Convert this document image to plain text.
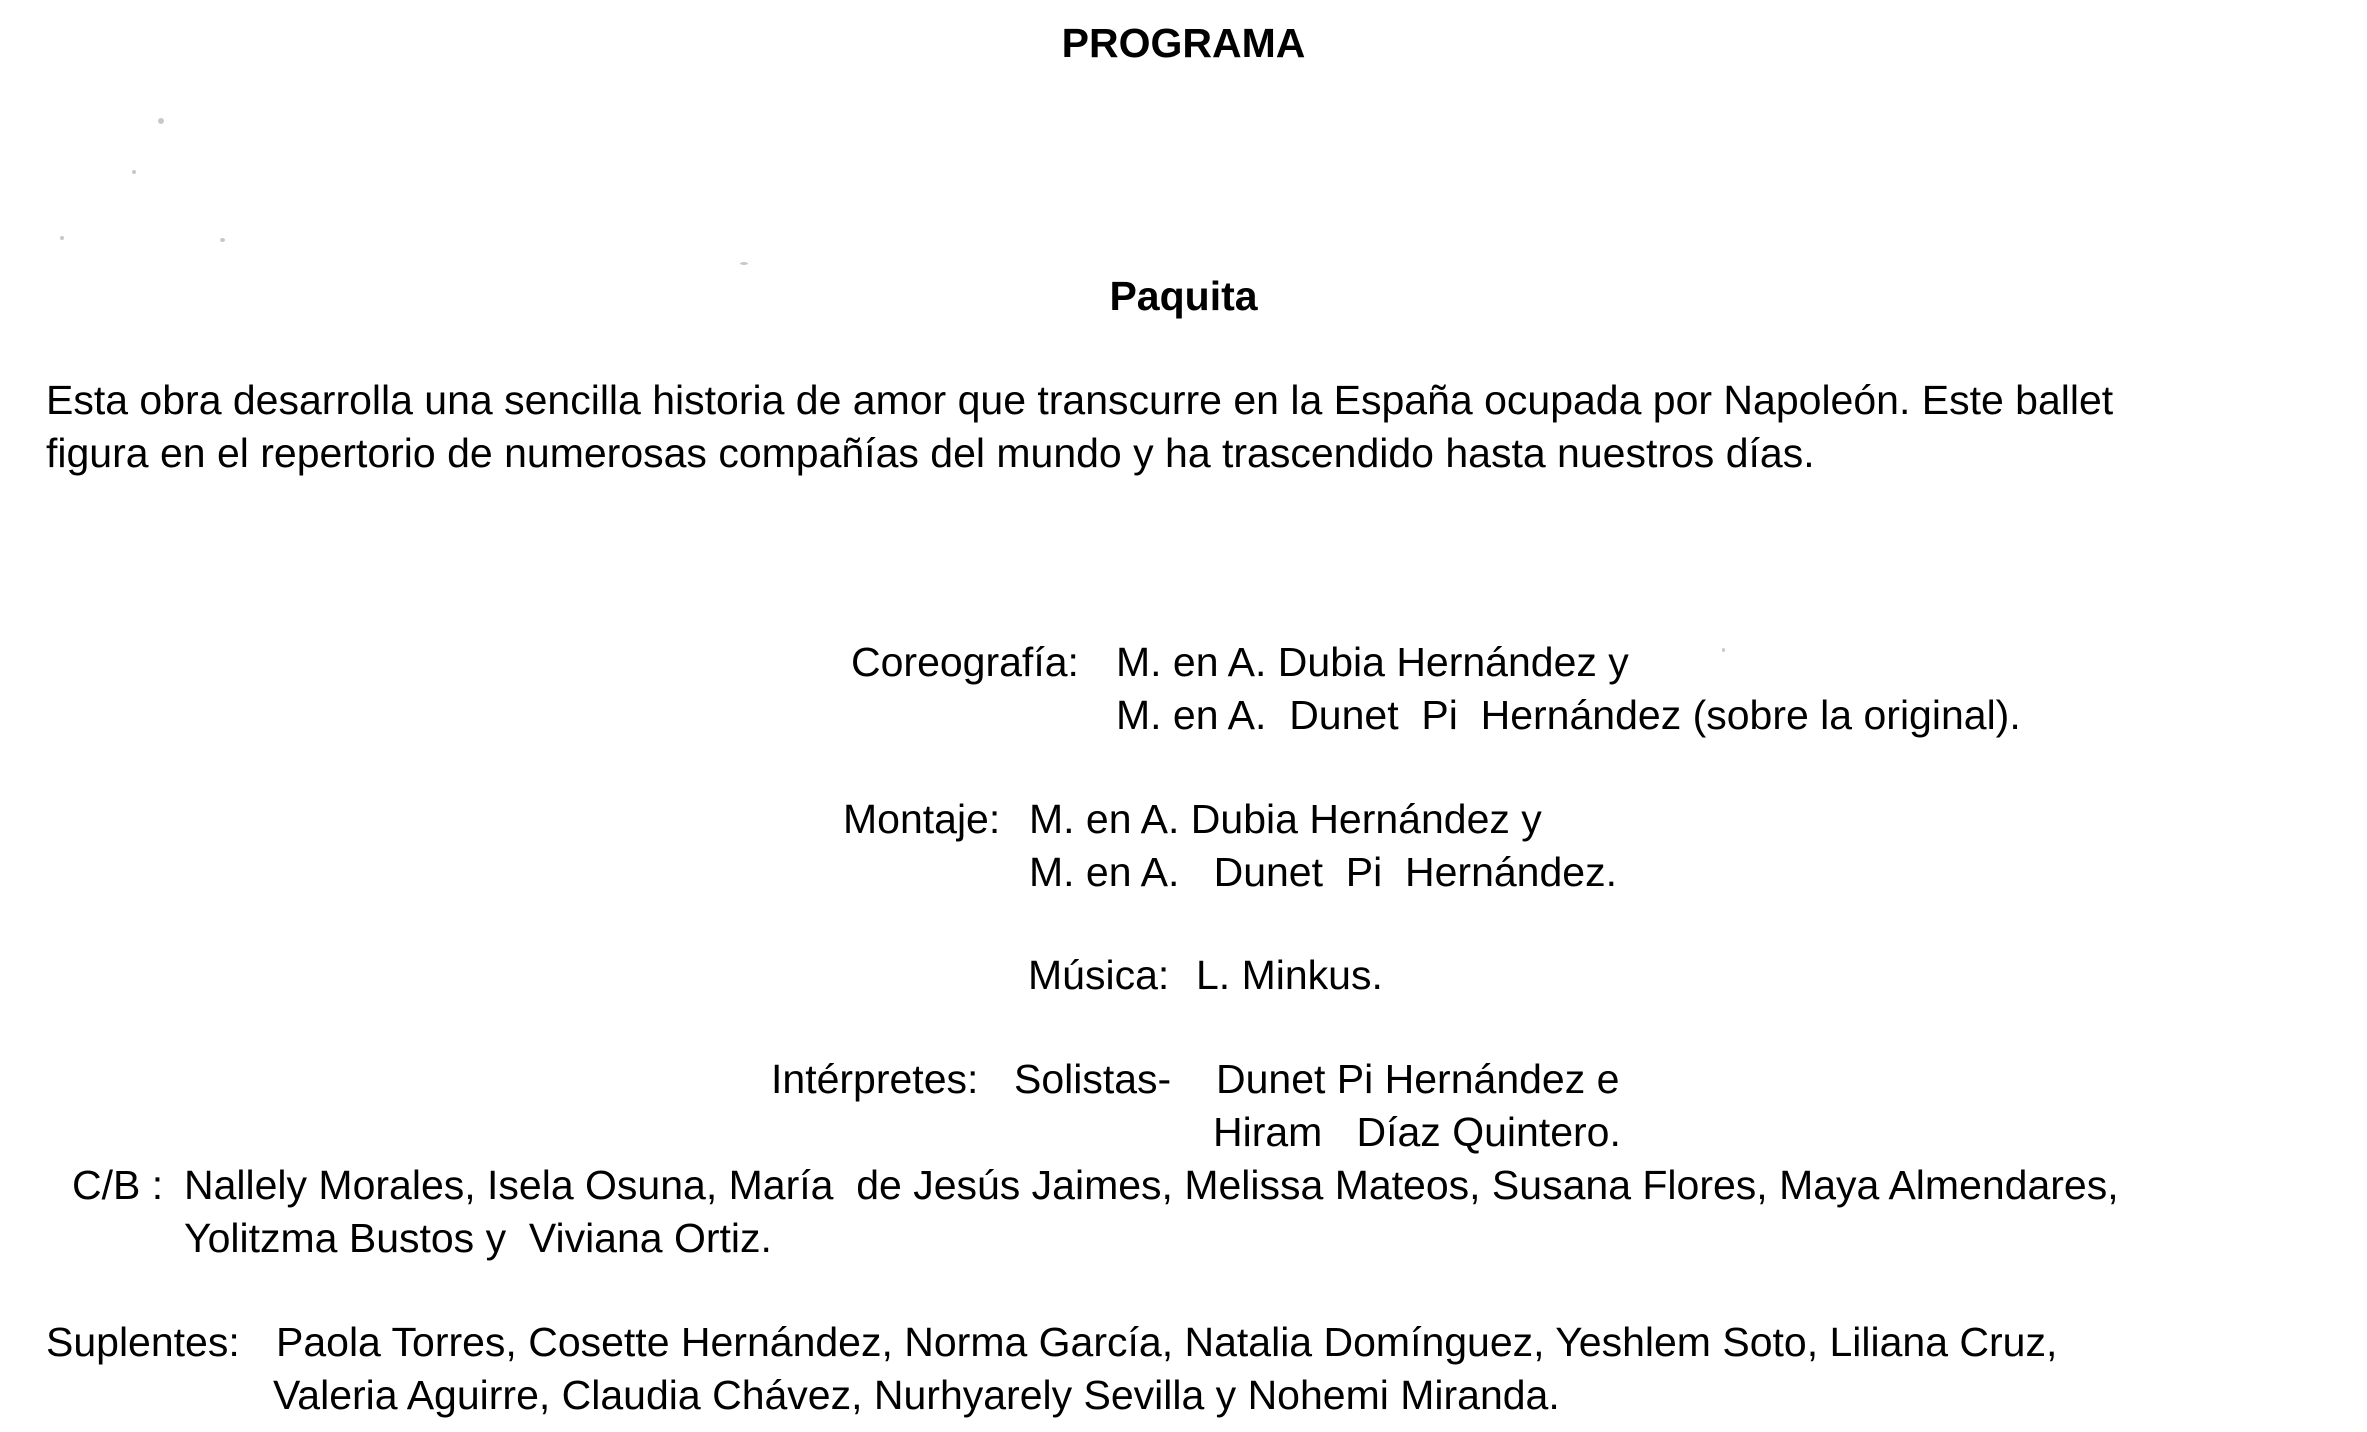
PROGRAMA
Paquita
Esta obra desarrolla una sencilla historia de amor que transcurre en la España ocupada por Napoleón. Este ballet
figura en el repertorio de numerosas compañías del mundo y ha trascendido hasta nuestros días.
Coreografía: M. en A. Dubia Hernández y
M. en A.  Dunet  Pi  Hernández (sobre la original).
Montaje: M. en A. Dubia Hernández y
M. en A.   Dunet  Pi  Hernández.
Música: L. Minkus.
Intérpretes: Solistas- Dunet Pi Hernández e
Hiram   Díaz Quintero.
C/B : Nallely Morales, Isela Osuna, María  de Jesús Jaimes, Melissa Mateos, Susana Flores, Maya Almendares,
Yolitzma Bustos y  Viviana Ortiz.
Suplentes: Paola Torres, Cosette Hernández, Norma García, Natalia Domínguez, Yeshlem Soto, Liliana Cruz,
Valeria Aguirre, Claudia Chávez, Nurhyarely Sevilla y Nohemi Miranda.
